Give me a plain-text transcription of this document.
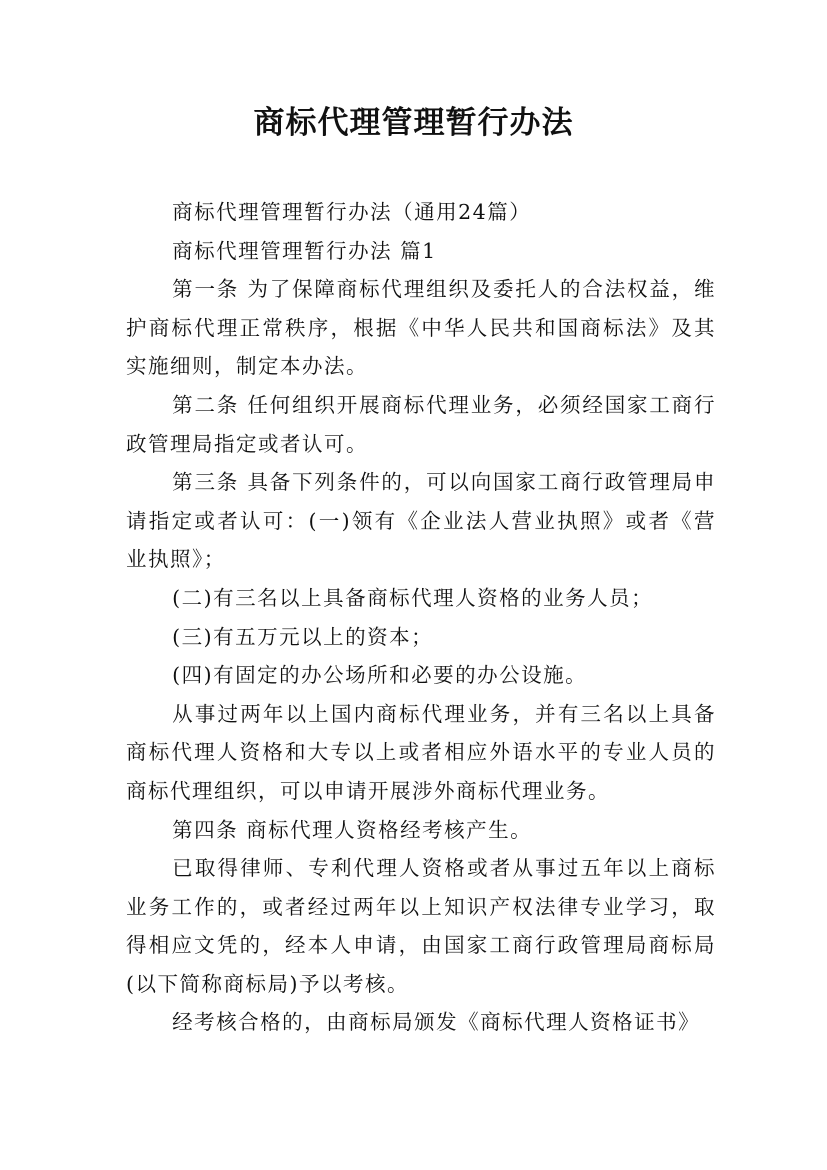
商标代理管理暂行办法

商标代理管理暂行办法（通用24篇）

商标代理管理暂行办法 篇1

第一条 为了保障商标代理组织及委托人的合法权益，维护商标代理正常秩序，根据《中华人民共和国商标法》及其实施细则，制定本办法。

第二条 任何组织开展商标代理业务，必须经国家工商行政管理局指定或者认可。

第三条 具备下列条件的，可以向国家工商行政管理局申请指定或者认可：(一)领有《企业法人营业执照》或者《营业执照》；

(二)有三名以上具备商标代理人资格的业务人员；

(三)有五万元以上的资本；

(四)有固定的办公场所和必要的办公设施。

从事过两年以上国内商标代理业务，并有三名以上具备商标代理人资格和大专以上或者相应外语水平的专业人员的商标代理组织，可以申请开展涉外商标代理业务。

第四条 商标代理人资格经考核产生。

已取得律师、专利代理人资格或者从事过五年以上商标业务工作的，或者经过两年以上知识产权法律专业学习，取得相应文凭的，经本人申请，由国家工商行政管理局商标局(以下简称商标局)予以考核。

经考核合格的，由商标局颁发《商标代理人资格证书》
